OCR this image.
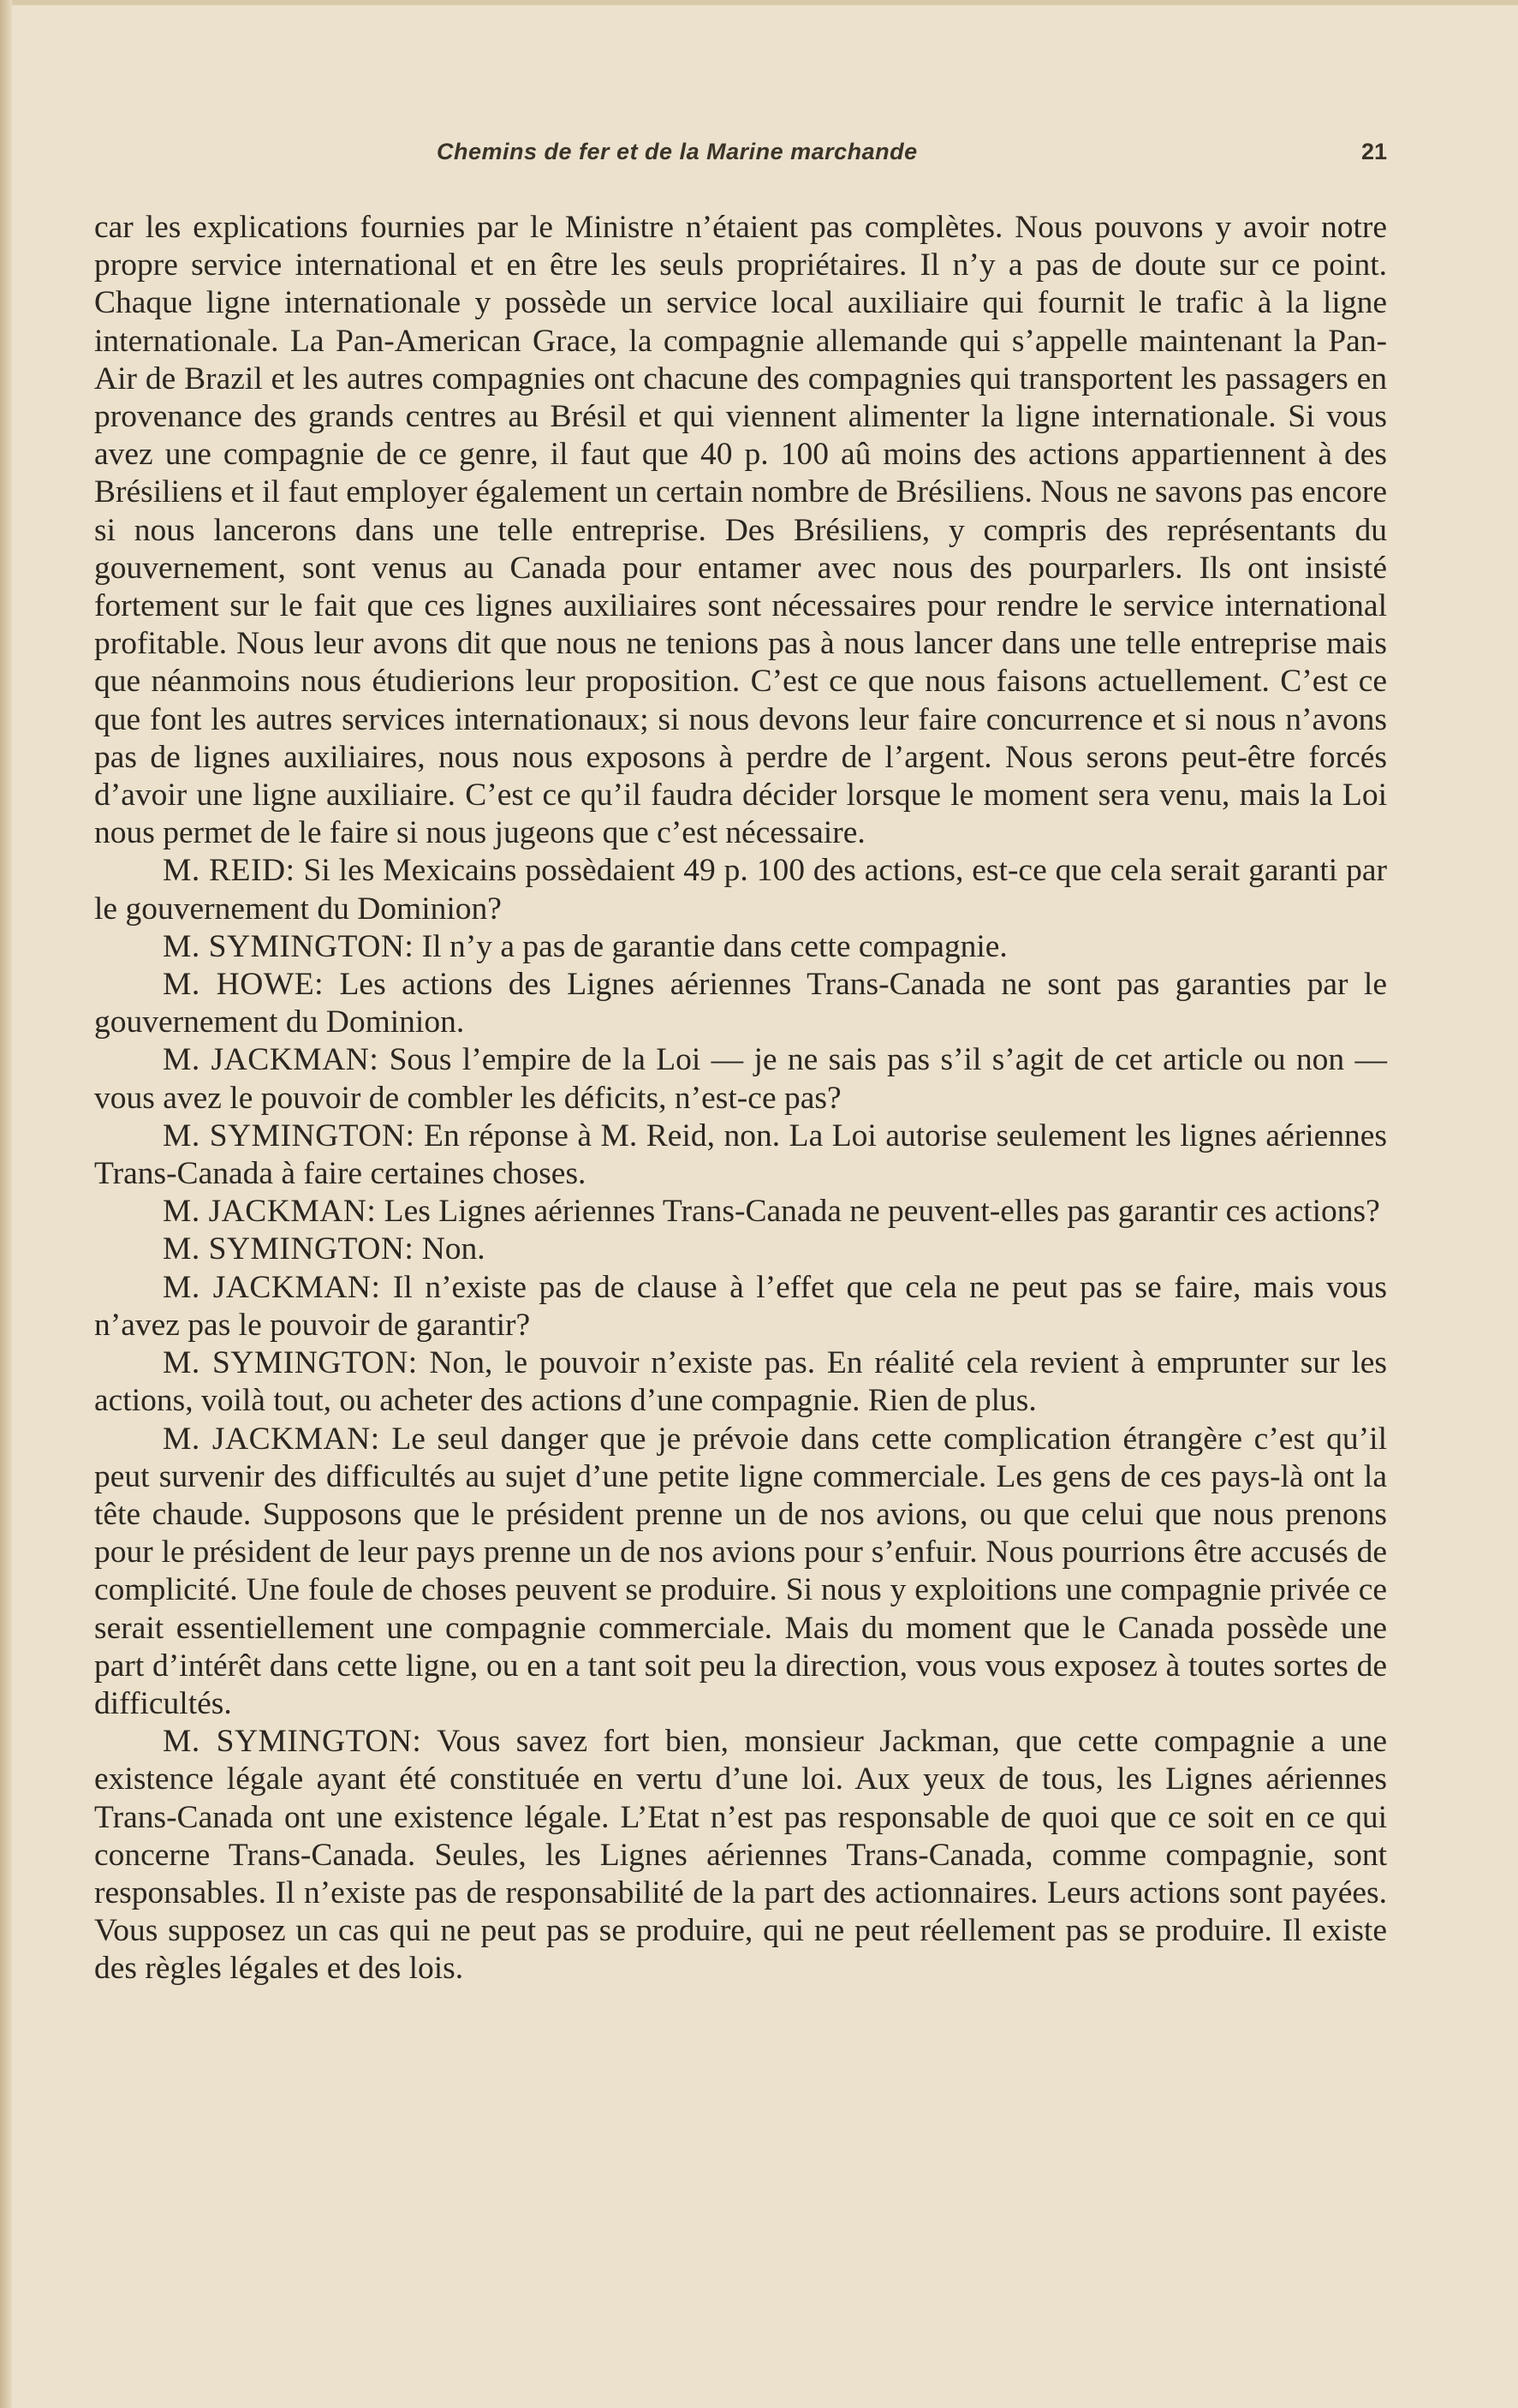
Chemins de fer et de la Marine marchande	21

car les explications fournies par le Ministre n’étaient pas complètes. Nous pouvons y avoir notre propre service international et en être les seuls propriétaires. Il n’y a pas de doute sur ce point. Chaque ligne internationale y possède un service local auxiliaire qui fournit le trafic à la ligne internationale. La Pan-American Grace, la compagnie allemande qui s’appelle maintenant la Pan-Air de Brazil et les autres compagnies ont chacune des compagnies qui transportent les passagers en provenance des grands centres au Brésil et qui viennent alimenter la ligne internationale. Si vous avez une compagnie de ce genre, il faut que 40 p. 100 aû moins des actions appartiennent à des Brésiliens et il faut employer également un certain nombre de Brésiliens. Nous ne savons pas encore si nous lancerons dans une telle entreprise. Des Brésiliens, y compris des représentants du gouvernement, sont venus au Canada pour entamer avec nous des pourparlers. Ils ont insisté fortement sur le fait que ces lignes auxiliaires sont nécessaires pour rendre le service international profitable. Nous leur avons dit que nous ne tenions pas à nous lancer dans une telle entreprise mais que néanmoins nous étudierions leur proposition. C’est ce que nous faisons actuellement. C’est ce que font les autres services internationaux; si nous devons leur faire concurrence et si nous n’avons pas de lignes auxiliaires, nous nous exposons à perdre de l’argent. Nous serons peut-être forcés d’avoir une ligne auxiliaire. C’est ce qu’il faudra décider lorsque le moment sera venu, mais la Loi nous permet de le faire si nous jugeons que c’est nécessaire.

M. REID: Si les Mexicains possèdaient 49 p. 100 des actions, est-ce que cela serait garanti par le gouvernement du Dominion?

M. SYMINGTON: Il n’y a pas de garantie dans cette compagnie.

M. HOWE: Les actions des Lignes aériennes Trans-Canada ne sont pas garanties par le gouvernement du Dominion.

M. JACKMAN: Sous l’empire de la Loi — je ne sais pas s’il s’agit de cet article ou non — vous avez le pouvoir de combler les déficits, n’est-ce pas?

M. SYMINGTON: En réponse à M. Reid, non. La Loi autorise seulement les lignes aériennes Trans-Canada à faire certaines choses.

M. JACKMAN: Les Lignes aériennes Trans-Canada ne peuvent-elles pas garantir ces actions?

M. SYMINGTON: Non.

M. JACKMAN: Il n’existe pas de clause à l’effet que cela ne peut pas se faire, mais vous n’avez pas le pouvoir de garantir?

M. SYMINGTON: Non, le pouvoir n’existe pas. En réalité cela revient à emprunter sur les actions, voilà tout, ou acheter des actions d’une compagnie. Rien de plus.

M. JACKMAN: Le seul danger que je prévoie dans cette complication étrangère c’est qu’il peut survenir des difficultés au sujet d’une petite ligne commerciale. Les gens de ces pays-là ont la tête chaude. Supposons que le président prenne un de nos avions, ou que celui que nous prenons pour le président de leur pays prenne un de nos avions pour s’enfuir. Nous pourrions être accusés de complicité. Une foule de choses peuvent se produire. Si nous y exploitions une compagnie privée ce serait essentiellement une compagnie commerciale. Mais du moment que le Canada possède une part d’intérêt dans cette ligne, ou en a tant soit peu la direction, vous vous exposez à toutes sortes de difficultés.

M. SYMINGTON: Vous savez fort bien, monsieur Jackman, que cette compagnie a une existence légale ayant été constituée en vertu d’une loi. Aux yeux de tous, les Lignes aériennes Trans-Canada ont une existence légale. L’Etat n’est pas responsable de quoi que ce soit en ce qui concerne Trans-Canada. Seules, les Lignes aériennes Trans-Canada, comme compagnie, sont responsables. Il n’existe pas de responsabilité de la part des actionnaires. Leurs actions sont payées. Vous supposez un cas qui ne peut pas se produire, qui ne peut réellement pas se produire. Il existe des règles légales et des lois.
